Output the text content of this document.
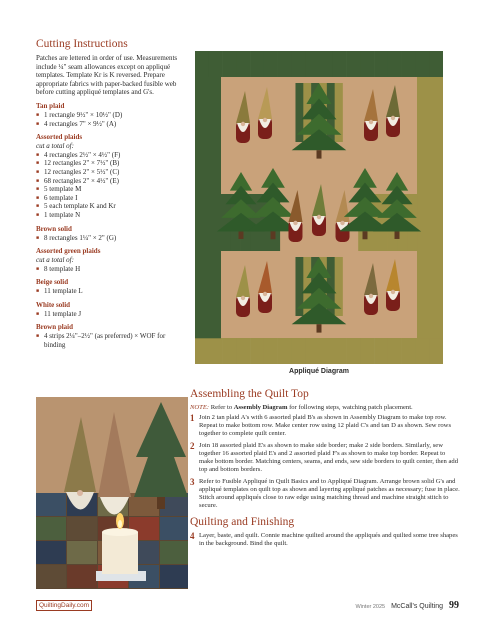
Cutting Instructions
Patches are lettered in order of use. Measurements include ¼" seam allowances except on appliqué templates. Template Kr is K reversed. Prepare appropriate fabrics with paper-backed fusible web before cutting appliqué templates and G's.
Tan plaid
■ 1 rectangle 9½" × 10½" (D)
■ 4 rectangles 7" × 9½" (A)
Assorted plaids
cut a total of:
■ 4 rectangles 2½" × 4½" (F)
■ 12 rectangles 2" × 7½" (B)
■ 12 rectangles 2" × 5½" (C)
■ 68 rectangles 2" × 4½" (E)
■ 5 template M
■ 6 template I
■ 5 each template K and Kr
■ 1 template N
Brown solid
■ 8 rectangles 1¼" × 2" (G)
Assorted green plaids
cut a total of:
■ 8 template H
Beige solid
■ 11 template L
White solid
■ 11 template J
Brown plaid
■ 4 strips 2¼"–2½" (as preferred) × WOF for binding
Appliqué Diagram
Assembling the Quilt Top
NOTE: Refer to Assembly Diagram for following steps, watching patch placement.
1 Join 2 tan plaid A's with 6 assorted plaid B's as shown in Assembly Diagram to make top row. Repeat to make bottom row. Make center row using 12 plaid C's and tan D as shown. Sew rows together to complete quilt center.
2 Join 18 assorted plaid E's as shown to make side border; make 2 side borders. Similarly, sew together 16 assorted plaid E's and 2 assorted plaid F's as shown to make top border. Repeat to make bottom border. Matching centers, seams, and ends, sew side borders to quilt center, then add top and bottom borders.
3 Refer to Fusible Appliqué in Quilt Basics and to Appliqué Diagram. Arrange brown solid G's and appliqué templates on quilt top as shown and layering appliqué patches as necessary; fuse in place. Stitch around appliqués close to raw edge using matching thread and machine straight stitch to secure.
Quilting and Finishing
4 Layer, baste, and quilt. Connie machine quilted around the appliqués and quilted some tree shapes in the background. Bind the quilt.
QuiltingDaily.com	Winter 2025 McCall's Quilting 99
